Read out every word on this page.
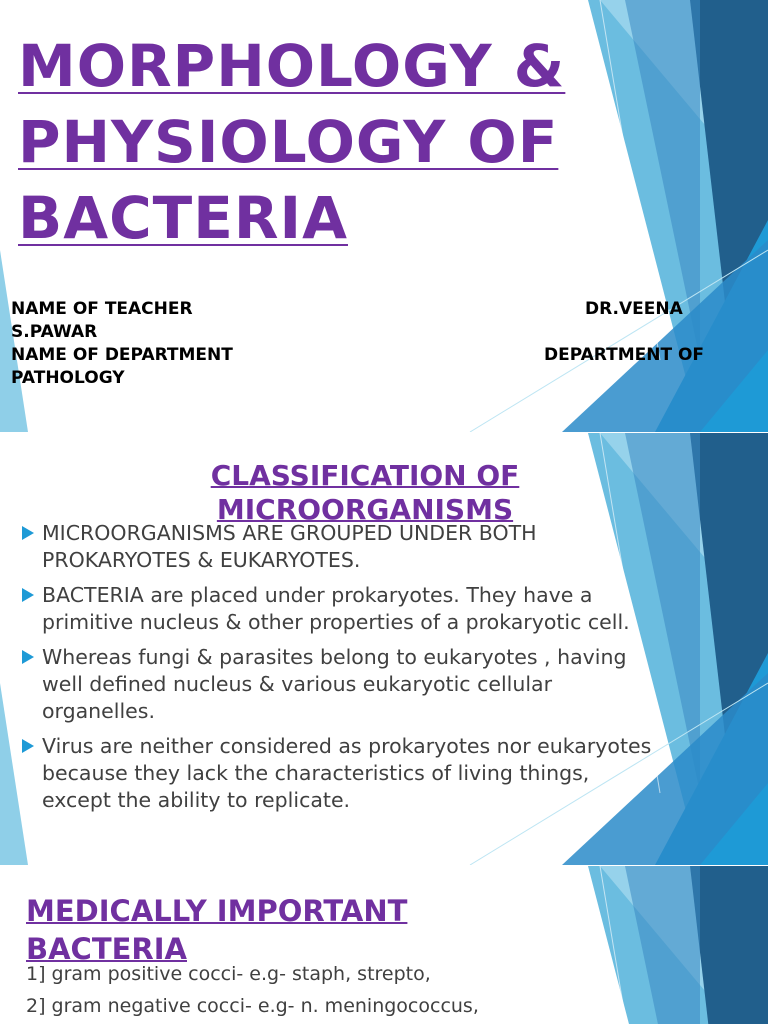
MORPHOLOGY &
PHYSIOLOGY OF
BACTERIA
NAME OF TEACHER	DR.VEENA
S.PAWAR
NAME OF DEPARTMENT	DEPARTMENT OF
PATHOLOGY
CLASSIFICATION OF MICROORGANISMS
MICROORGANISMS ARE GROUPED UNDER BOTH PROKARYOTES & EUKARYOTES.
BACTERIA are placed under prokaryotes. They have a primitive nucleus & other properties of a prokaryotic cell.
Whereas fungi & parasites belong to eukaryotes , having well defined nucleus & various eukaryotic cellular organelles.
Virus are neither considered as prokaryotes nor eukaryotes because they lack the characteristics of living things, except the ability to replicate.
MEDICALLY IMPORTANT BACTERIA
1] gram positive cocci- e.g- staph, strepto,
2] gram negative cocci- e.g- n. meningococcus,
